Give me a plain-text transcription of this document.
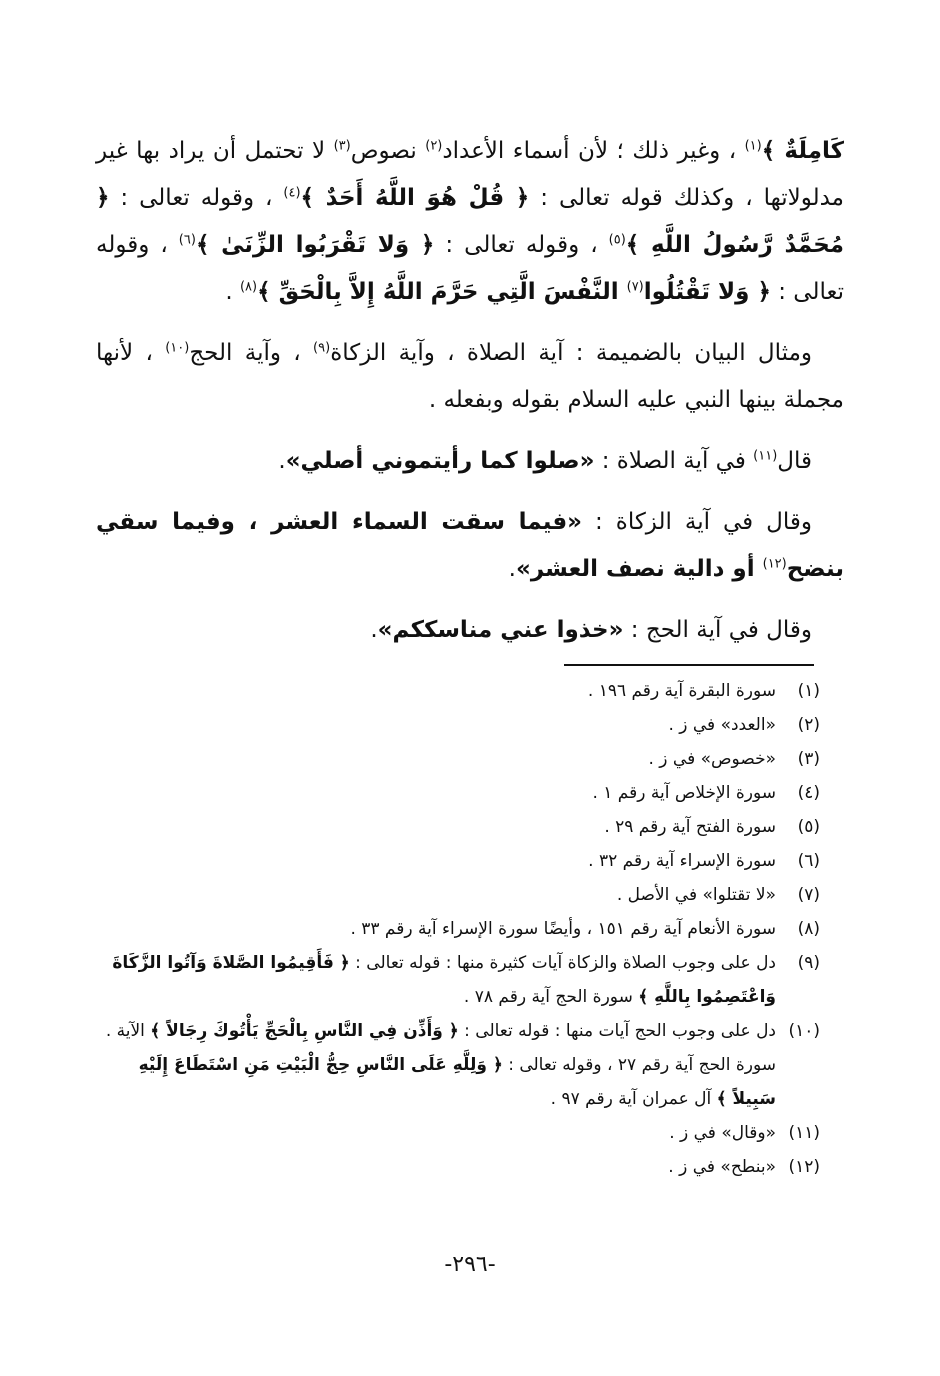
كَامِلَةٌ ﴾$^{(١)}$ ، وغير ذلك ؛ لأن أسماء الأعداد$^{(٢)}$ نصوص$^{(٣)}$ لا تحتمل أن يراد بها غير مدلولاتها ، وكذلك قوله تعالى : ﴿ قُلْ هُوَ اللَّهُ أَحَدٌ ﴾$^{(٤)}$ ، وقوله تعالى : ﴿ مُحَمَّدٌ رَّسُولُ اللَّهِ ﴾$^{(٥)}$ ، وقوله تعالى : ﴿ وَلا تَقْرَبُوا الزِّنَىٰ ﴾$^{(٦)}$ ، وقوله تعالى : ﴿ وَلا تَقْتُلُوا$^{(٧)}$ النَّفْسَ الَّتِي حَرَّمَ اللَّهُ إِلاَّ بِالْحَقِّ ﴾$^{(٨)}$ .

ومثال البيان بالضميمة : آية الصلاة ، وآية الزكاة$^{(٩)}$ ، وآية الحج$^{(١٠)}$ ، لأنها مجملة بينها النبي عليه السلام بقوله وبفعله .

قال$^{(١١)}$ في آية الصلاة : «صلوا كما رأيتموني أصلي».

وقال في آية الزكاة : «فيما سقت السماء العشر ، وفيما سقي بنضح$^{(١٢)}$ أو دالية نصف العشر».

وقال في آية الحج : «خذوا عني مناسككم».

(١)
سورة البقرة آية رقم ١٩٦ .

(٢)
«العدد» في ز .

(٣)
«خصوص» في ز .

(٤)
سورة الإخلاص آية رقم ١ .

(٥)
سورة الفتح آية رقم ٢٩ .

(٦)
سورة الإسراء آية رقم ٣٢ .

(٧)
«لا تقتلوا» في الأصل .

(٨)
سورة الأنعام آية رقم ١٥١ ، وأيضًا سورة الإسراء آية رقم ٣٣ .

(٩)
دل على وجوب الصلاة والزكاة آيات كثيرة منها : قوله تعالى : ﴿ فَأَقِيمُوا الصَّلاةَ وَآتُوا الزَّكَاةَ وَاعْتَصِمُوا بِاللَّهِ ﴾ سورة الحج آية رقم ٧٨ .

(١٠)
دل على وجوب الحج آيات منها : قوله تعالى : ﴿ وَأَذِّن فِي النَّاسِ بِالْحَجِّ يَأْتُوكَ رِجَالاً ﴾ الآية . سورة الحج آية رقم ٢٧ ، وقوله تعالى : ﴿ وَلِلَّهِ عَلَى النَّاسِ حِجُّ الْبَيْتِ مَنِ اسْتَطَاعَ إِلَيْهِ سَبِيلاً ﴾ آل عمران آية رقم ٩٧ .

(١١)
«وقال» في ز .

(١٢)
«بنطح» في ز .

-٢٩٦-
